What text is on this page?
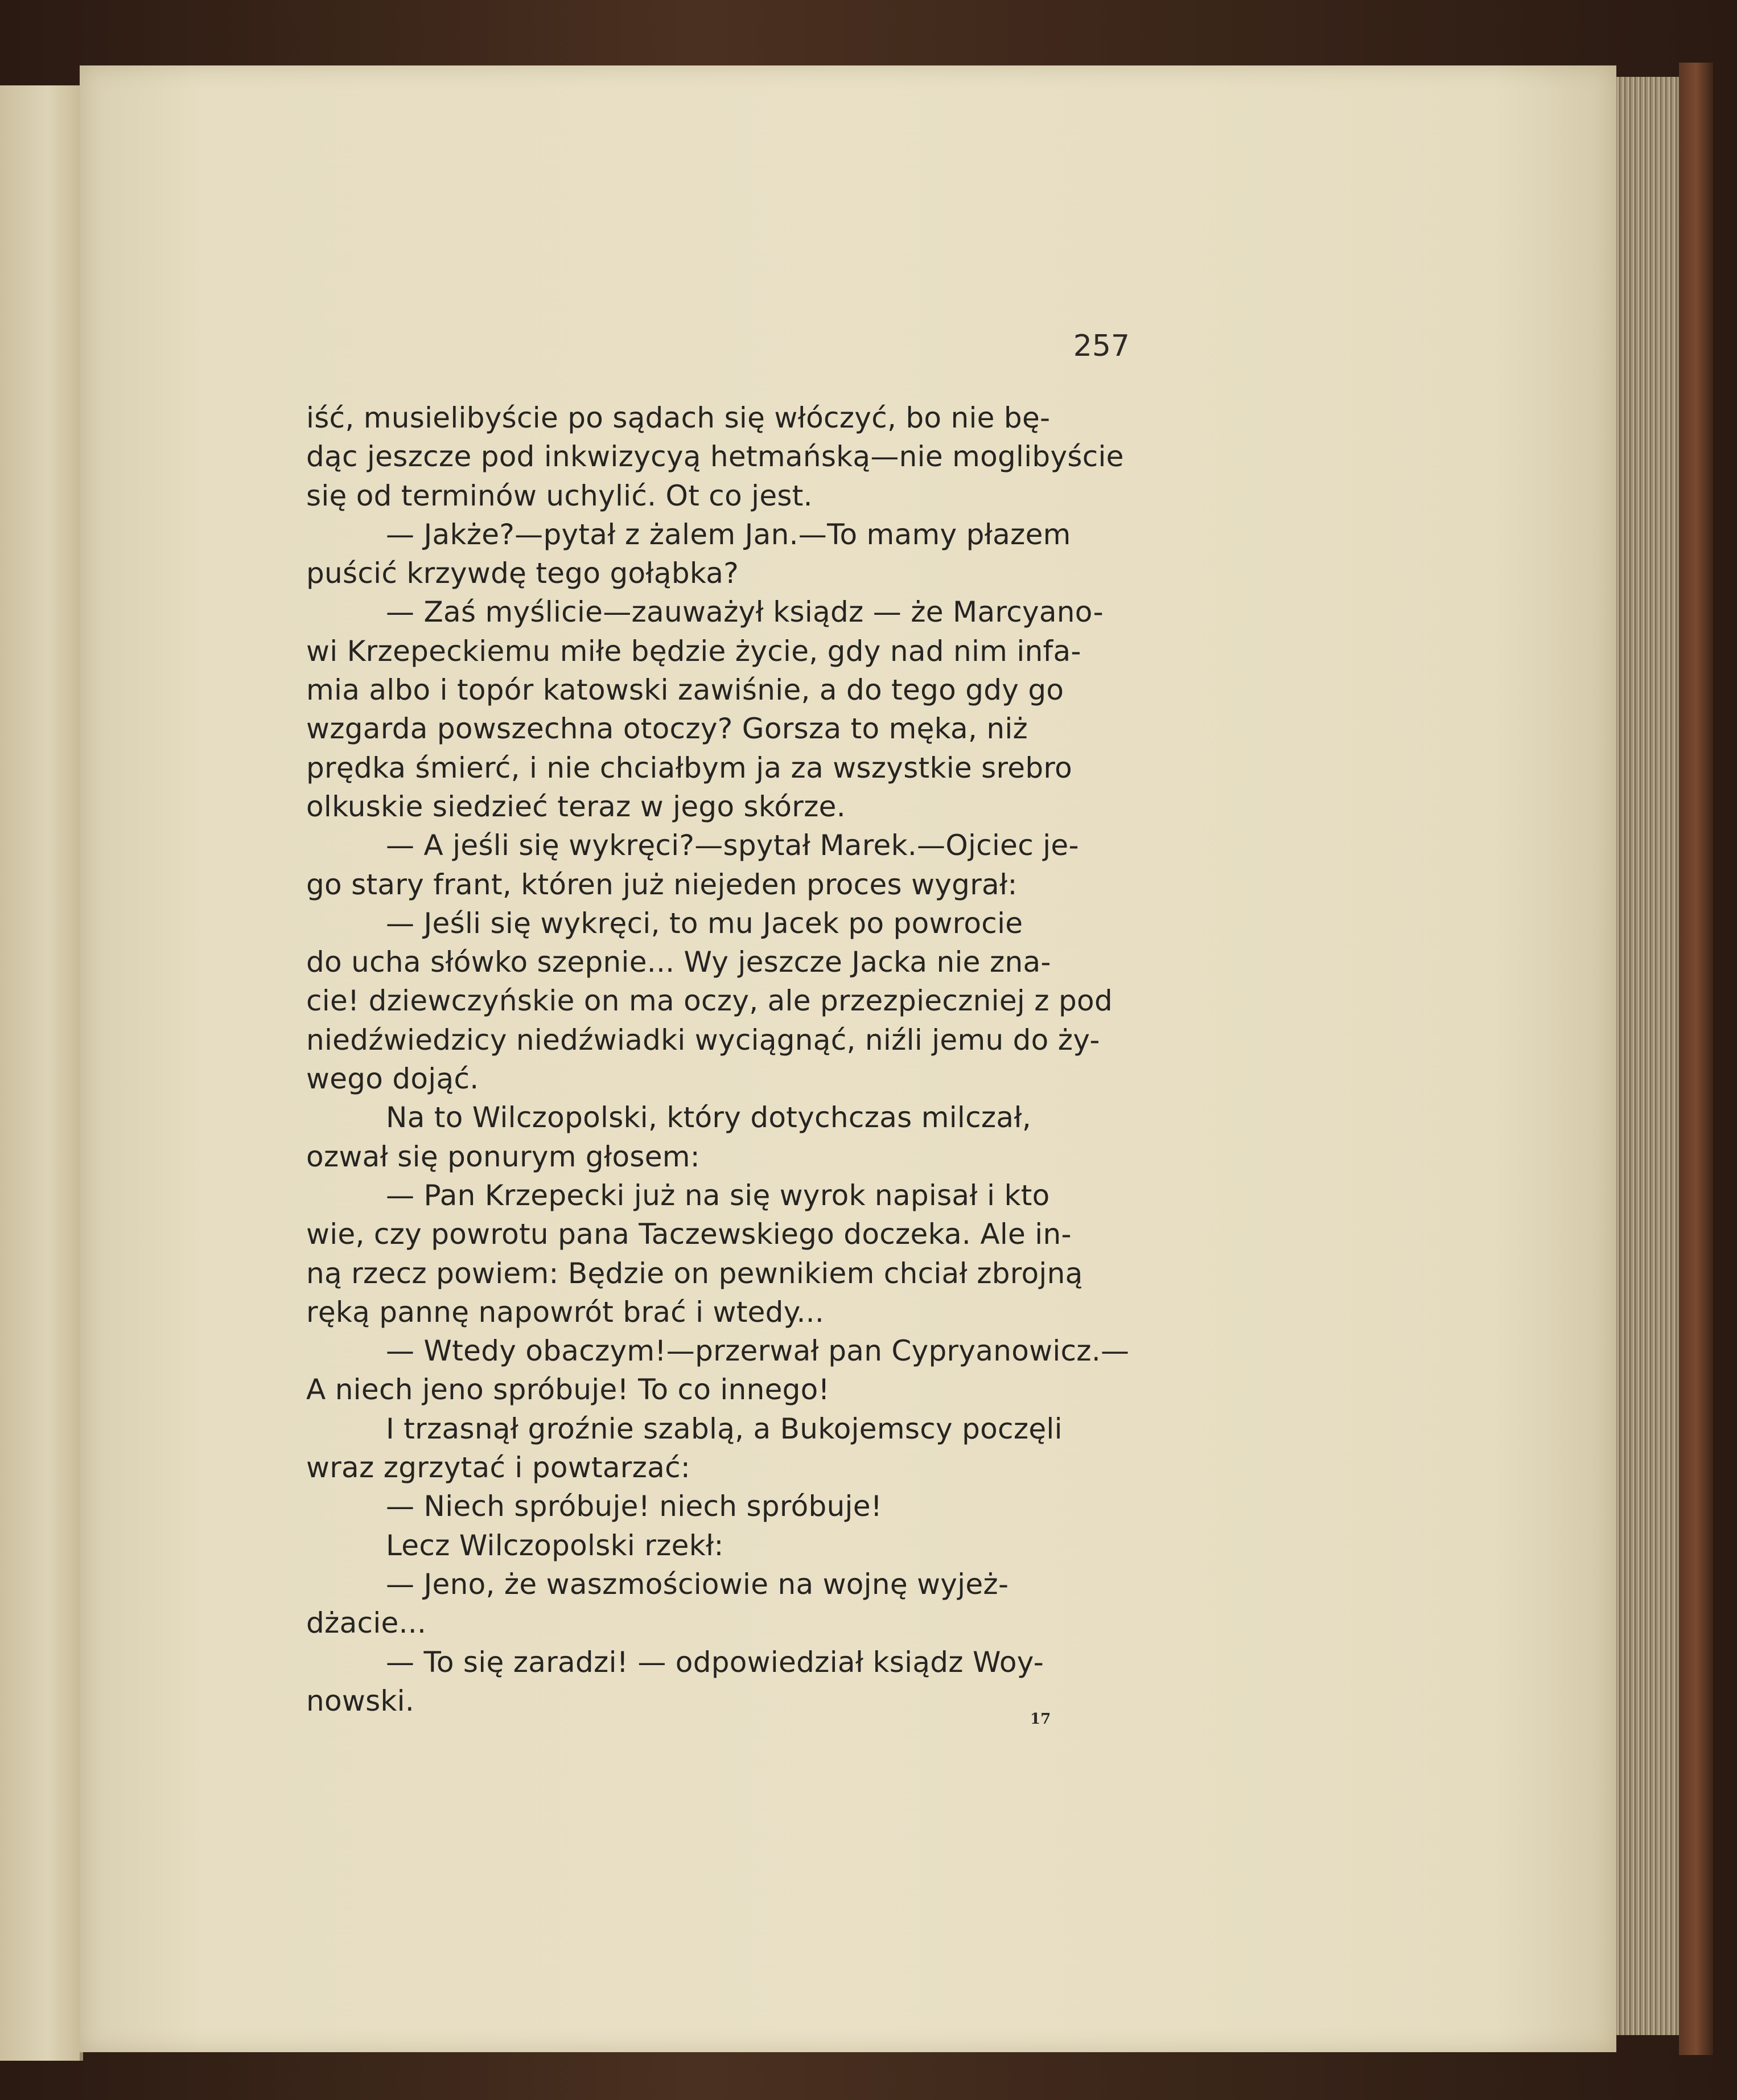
257
iść, musielibyście po sądach się włóczyć, bo nie bę-
dąc jeszcze pod inkwizycyą hetmańską—nie moglibyście
się od terminów uchylić. Ot co jest.
— Jakże?—pytał z żalem Jan.—To mamy płazem
puścić krzywdę tego gołąbka?
— Zaś myślicie—zauważył ksiądz — że Marcyano-
wi Krzepeckiemu miłe będzie życie, gdy nad nim infa-
mia albo i topór katowski zawiśnie, a do tego gdy go
wzgarda powszechna otoczy? Gorsza to męka, niż
prędka śmierć, i nie chciałbym ja za wszystkie srebro
olkuskie siedzieć teraz w jego skórze.
— A jeśli się wykręci?—spytał Marek.—Ojciec je-
go stary frant, któren już niejeden proces wygrał:
— Jeśli się wykręci, to mu Jacek po powrocie
do ucha słówko szepnie... Wy jeszcze Jacka nie zna-
cie! dziewczyńskie on ma oczy, ale przezpieczniej z pod
niedźwiedzicy niedźwiadki wyciągnąć, niźli jemu do ży-
wego dojąć.
Na to Wilczopolski, który dotychczas milczał,
ozwał się ponurym głosem:
— Pan Krzepecki już na się wyrok napisał i kto
wie, czy powrotu pana Taczewskiego doczeka. Ale in-
ną rzecz powiem: Będzie on pewnikiem chciał zbrojną
ręką pannę napowrót brać i wtedy...
— Wtedy obaczym!—przerwał pan Cypryanowicz.—
A niech jeno spróbuje! To co innego!
I trzasnął groźnie szablą, a Bukojemscy poczęli
wraz zgrzytać i powtarzać:
— Niech spróbuje! niech spróbuje!
Lecz Wilczopolski rzekł:
— Jeno, że waszmościowie na wojnę wyjeż-
dżacie...
— To się zaradzi! — odpowiedział ksiądz Woy-
nowski.
17
